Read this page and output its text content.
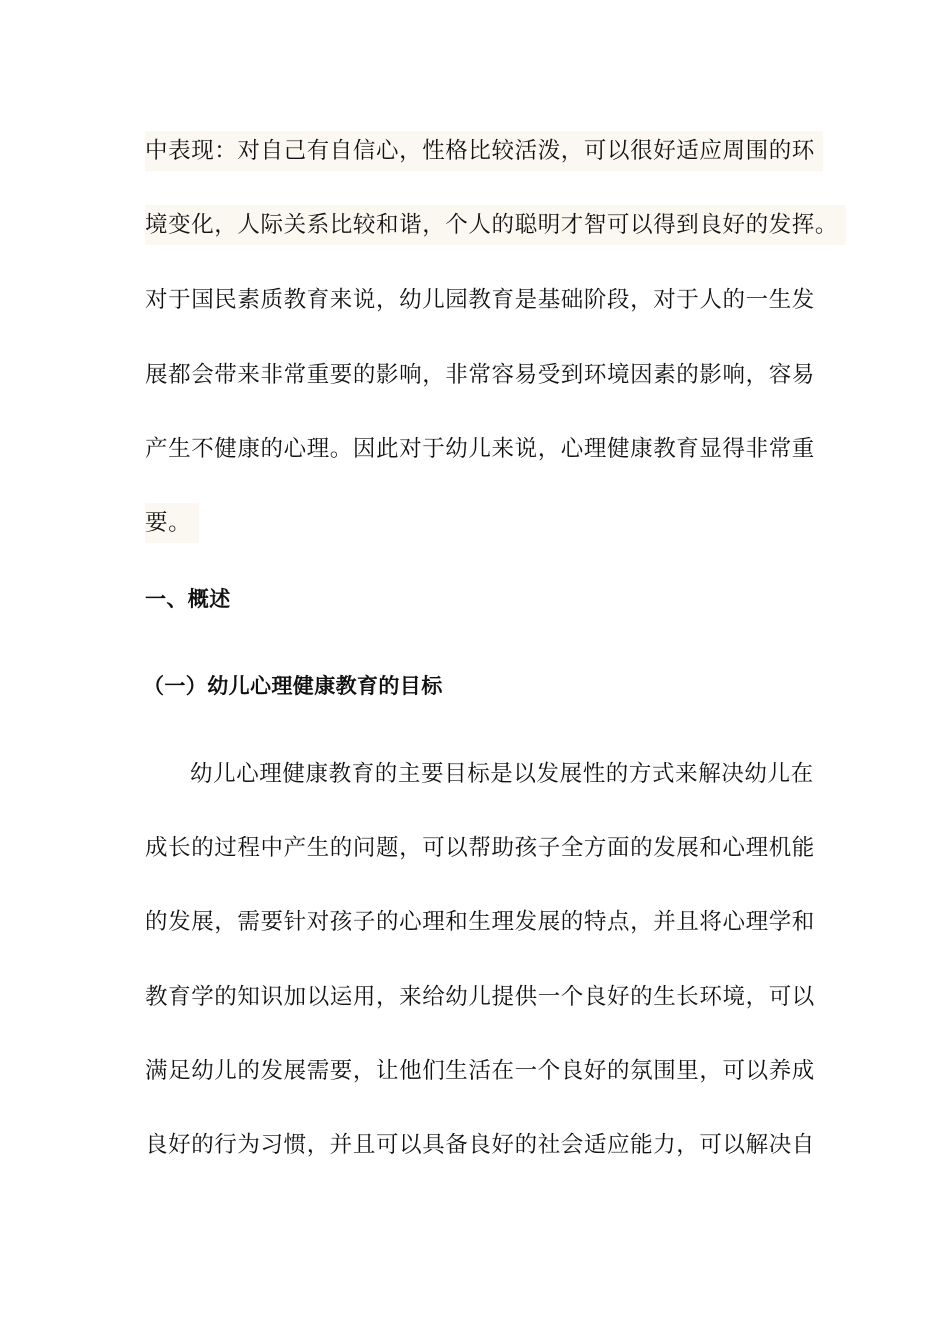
中表现：对自己有自信心，性格比较活泼，可以很好适应周围的环
境变化，人际关系比较和谐，个人的聪明才智可以得到良好的发挥。
对于国民素质教育来说，幼儿园教育是基础阶段，对于人的一生发
展都会带来非常重要的影响，非常容易受到环境因素的影响，容易
产生不健康的心理。因此对于幼儿来说，心理健康教育显得非常重
要。
一、概述
（一）幼儿心理健康教育的目标
幼儿心理健康教育的主要目标是以发展性的方式来解决幼儿在
成长的过程中产生的问题，可以帮助孩子全方面的发展和心理机能
的发展，需要针对孩子的心理和生理发展的特点，并且将心理学和
教育学的知识加以运用，来给幼儿提供一个良好的生长环境，可以
满足幼儿的发展需要，让他们生活在一个良好的氛围里，可以养成
良好的行为习惯，并且可以具备良好的社会适应能力，可以解决自
